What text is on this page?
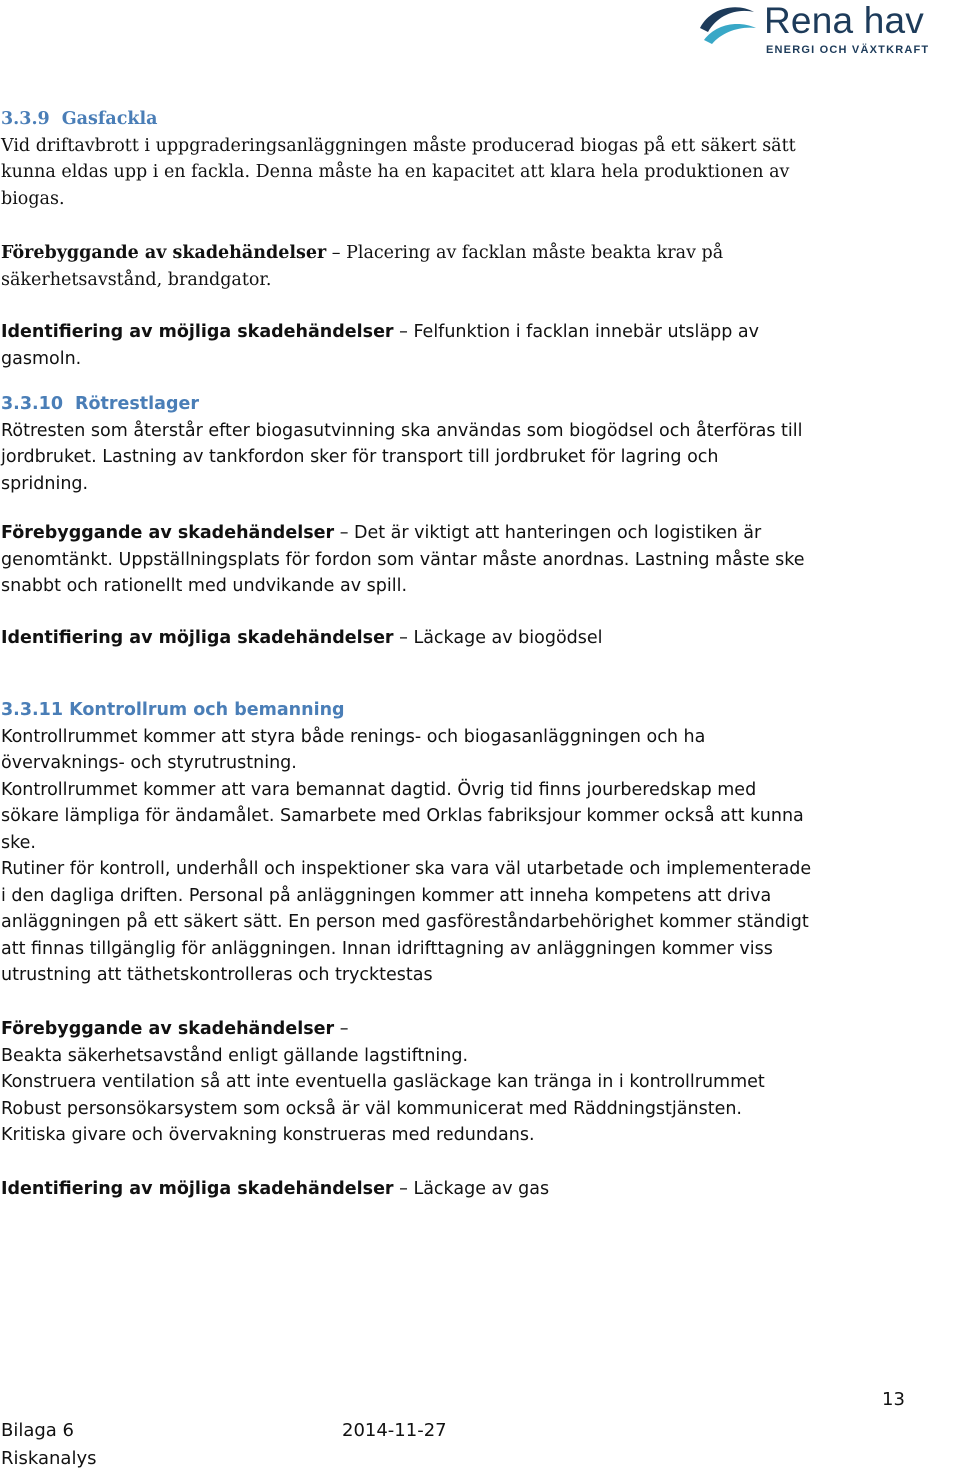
Rena hav
ENERGI OCH VÄXTKRAFT
3.3.9 Gasfackla
Vid driftavbrott i uppgraderingsanläggningen måste producerad biogas på ett säkert sätt
kunna eldas upp i en fackla. Denna måste ha en kapacitet att klara hela produktionen av
biogas.
Förebyggande av skadehändelser – Placering av facklan måste beakta krav på
säkerhetsavstånd, brandgator.
Identifiering av möjliga skadehändelser – Felfunktion i facklan innebär utsläpp av
gasmoln.
3.3.10 Rötrestlager
Rötresten som återstår efter biogasutvinning ska användas som biogödsel och återföras till
jordbruket. Lastning av tankfordon sker för transport till jordbruket för lagring och
spridning.
Förebyggande av skadehändelser – Det är viktigt att hanteringen och logistiken är
genomtänkt. Uppställningsplats för fordon som väntar måste anordnas. Lastning måste ske
snabbt och rationellt med undvikande av spill.
Identifiering av möjliga skadehändelser – Läckage av biogödsel
3.3.11 Kontrollrum och bemanning
Kontrollrummet kommer att styra både renings- och biogasanläggningen och ha
övervaknings- och styrutrustning.
Kontrollrummet kommer att vara bemannat dagtid. Övrig tid finns jourberedskap med
sökare lämpliga för ändamålet. Samarbete med Orklas fabriksjour kommer också att kunna
ske.
Rutiner för kontroll, underhåll och inspektioner ska vara väl utarbetade och implementerade
i den dagliga driften. Personal på anläggningen kommer att inneha kompetens att driva
anläggningen på ett säkert sätt. En person med gasföreståndarbehörighet kommer ständigt
att finnas tillgänglig för anläggningen. Innan idrifttagning av anläggningen kommer viss
utrustning att täthetskontrolleras och trycktestas
Förebyggande av skadehändelser –
Beakta säkerhetsavstånd enligt gällande lagstiftning.
Konstruera ventilation så att inte eventuella gasläckage kan tränga in i kontrollrummet
Robust personsökarsystem som också är väl kommunicerat med Räddningstjänsten.
Kritiska givare och övervakning konstrueras med redundans.
Identifiering av möjliga skadehändelser – Läckage av gas
13
Bilaga 6
Riskanalys
2014-11-27
